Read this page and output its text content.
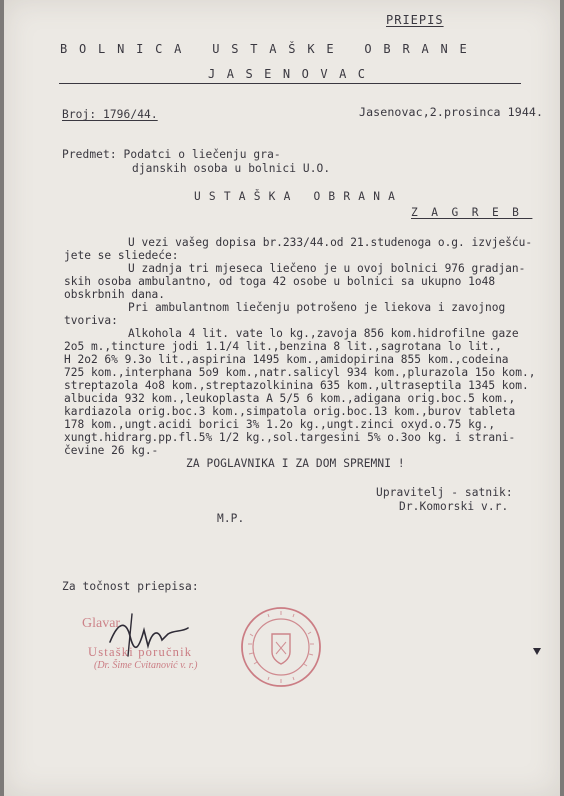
PRIEPIS
BOLNICA USTAŠKE OBRANE
JASENOVAC
Broj: 1796/44.	Jasenovac,2.prosinca 1944.
Predmet: Podatci o liečenju gra-
djanskih osoba u bolnici U.O.
USTAŠKA OBRANA
ZAGREB
U vezi vašeg dopisa br.233/44.od 21.studenoga o.g. izvješću-
jete se sliedeće:
U zadnja tri mjeseca liečeno je u ovoj bolnici 976 gradjan-
skih osoba ambulantno, od toga 42 osobe u bolnici sa ukupno 1o48
obskrbnih dana.
Pri ambulantnom liečenju potrošeno je liekova i zavojnog
tvoriva:
Alkohola 4 lit. vate lo kg.,zavoja 856 kom.hidrofilne gaze
2o5 m.,tincture jodi 1.1/4 lit.,benzina 8 lit.,sagrotana lo lit.,
H 2o2 6% 9.3o lit.,aspirina 1495 kom.,amidopirina 855 kom.,codeina
725 kom.,interphana 5o9 kom.,natr.salicyl 934 kom.,plurazola 15o kom.,
streptazola 4o8 kom.,streptazolkinina 635 kom.,ultraseptila 1345 kom.
albucida 932 kom.,leukoplasta A 5/5 6 kom.,adigana orig.boc.5 kom.,
kardiazola orig.boc.3 kom.,simpatola orig.boc.13 kom.,burov tableta
178 kom.,ungt.acidi borici 3% 1.2o kg.,ungt.zinci oxyd.o.75 kg.,
xungt.hidrarg.pp.fl.5% 1/2 kg.,sol.targesini 5% o.3oo kg. i strani-
čevine 26 kg.-
ZA POGLAVNIKA I ZA DOM SPREMNI !
Upravitelj - satnik:
Dr.Komorski v.r.
M.P.
Za točnost priepisa:
Glavar
Ustaški poručnik
(Dr. Šime Cvitanović v. r.)
